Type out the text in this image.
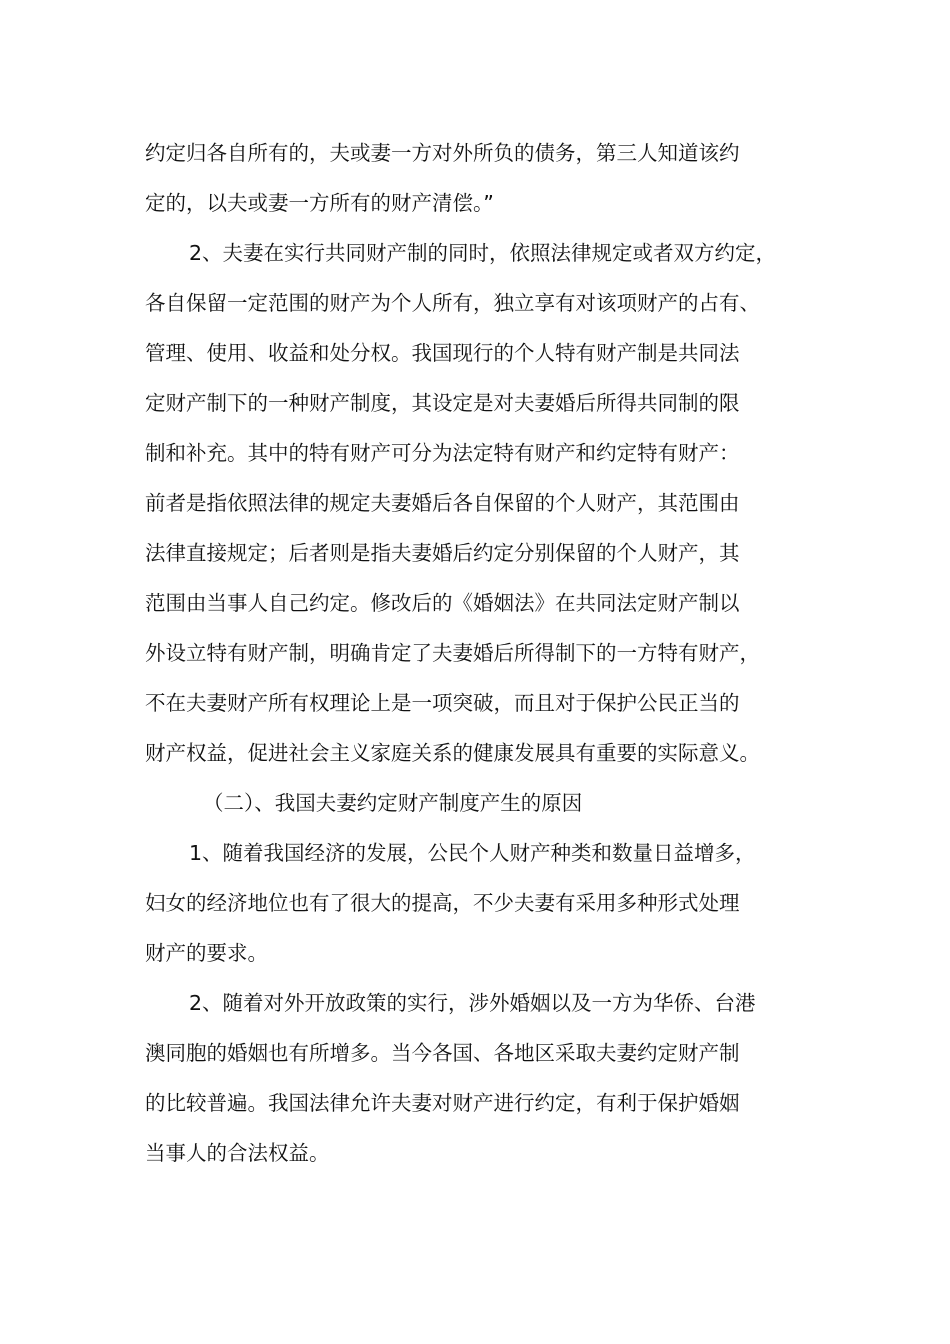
约定归各自所有的，夫或妻一方对外所负的债务，第三人知道该约
定的，以夫或妻一方所有的财产清偿。”
2、夫妻在实行共同财产制的同时，依照法律规定或者双方约定，
各自保留一定范围的财产为个人所有，独立享有对该项财产的占有、
管理、使用、收益和处分权。我国现行的个人特有财产制是共同法
定财产制下的一种财产制度，其设定是对夫妻婚后所得共同制的限
制和补充。其中的特有财产可分为法定特有财产和约定特有财产：
前者是指依照法律的规定夫妻婚后各自保留的个人财产，其范围由
法律直接规定；后者则是指夫妻婚后约定分别保留的个人财产，其
范围由当事人自己约定。修改后的《婚姻法》在共同法定财产制以
外设立特有财产制，明确肯定了夫妻婚后所得制下的一方特有财产，
不在夫妻财产所有权理论上是一项突破，而且对于保护公民正当的
财产权益，促进社会主义家庭关系的健康发展具有重要的实际意义。
（二）、我国夫妻约定财产制度产生的原因
1、随着我国经济的发展，公民个人财产种类和数量日益增多，
妇女的经济地位也有了很大的提高，不少夫妻有采用多种形式处理
财产的要求。
2、随着对外开放政策的实行，涉外婚姻以及一方为华侨、台港
澳同胞的婚姻也有所增多。当今各国、各地区采取夫妻约定财产制
的比较普遍。我国法律允许夫妻对财产进行约定，有利于保护婚姻
当事人的合法权益。
